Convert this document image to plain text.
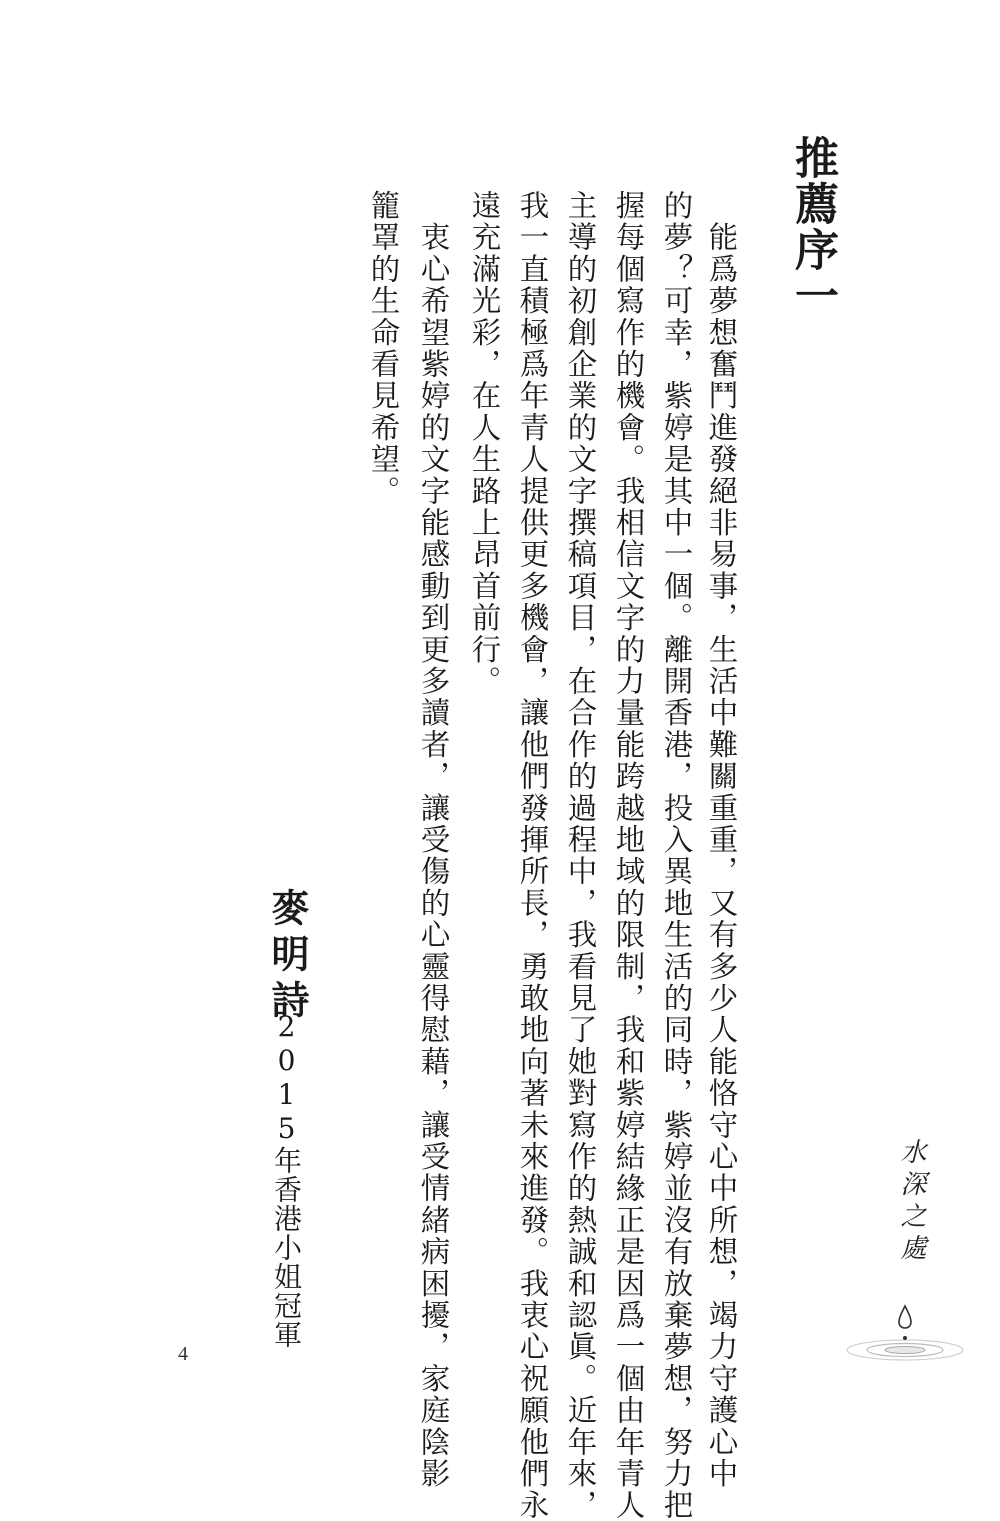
推薦序一
　能爲夢想奮鬥進發絕非易事，生活中難關重重，又有多少人能恪守心中所想，竭力守護心中
的夢？可幸，紫婷是其中一個。離開香港，投入異地生活的同時，紫婷並沒有放棄夢想，努力把
握每個寫作的機會。我相信文字的力量能跨越地域的限制，我和紫婷結緣正是因爲一個由年青人
主導的初創企業的文字撰稿項目，在合作的過程中，我看見了她對寫作的熱誠和認眞。近年來，
我一直積極爲年青人提供更多機會，讓他們發揮所長，勇敢地向著未來進發。我衷心祝願他們永
遠充滿光彩，在人生路上昂首前行。
　衷心希望紫婷的文字能感動到更多讀者，讓受傷的心靈得慰藉，讓受情緒病困擾，家庭陰影
籠罩的生命看見希望。
麥明詩
2015年香港小姐冠軍
4
水深之處
